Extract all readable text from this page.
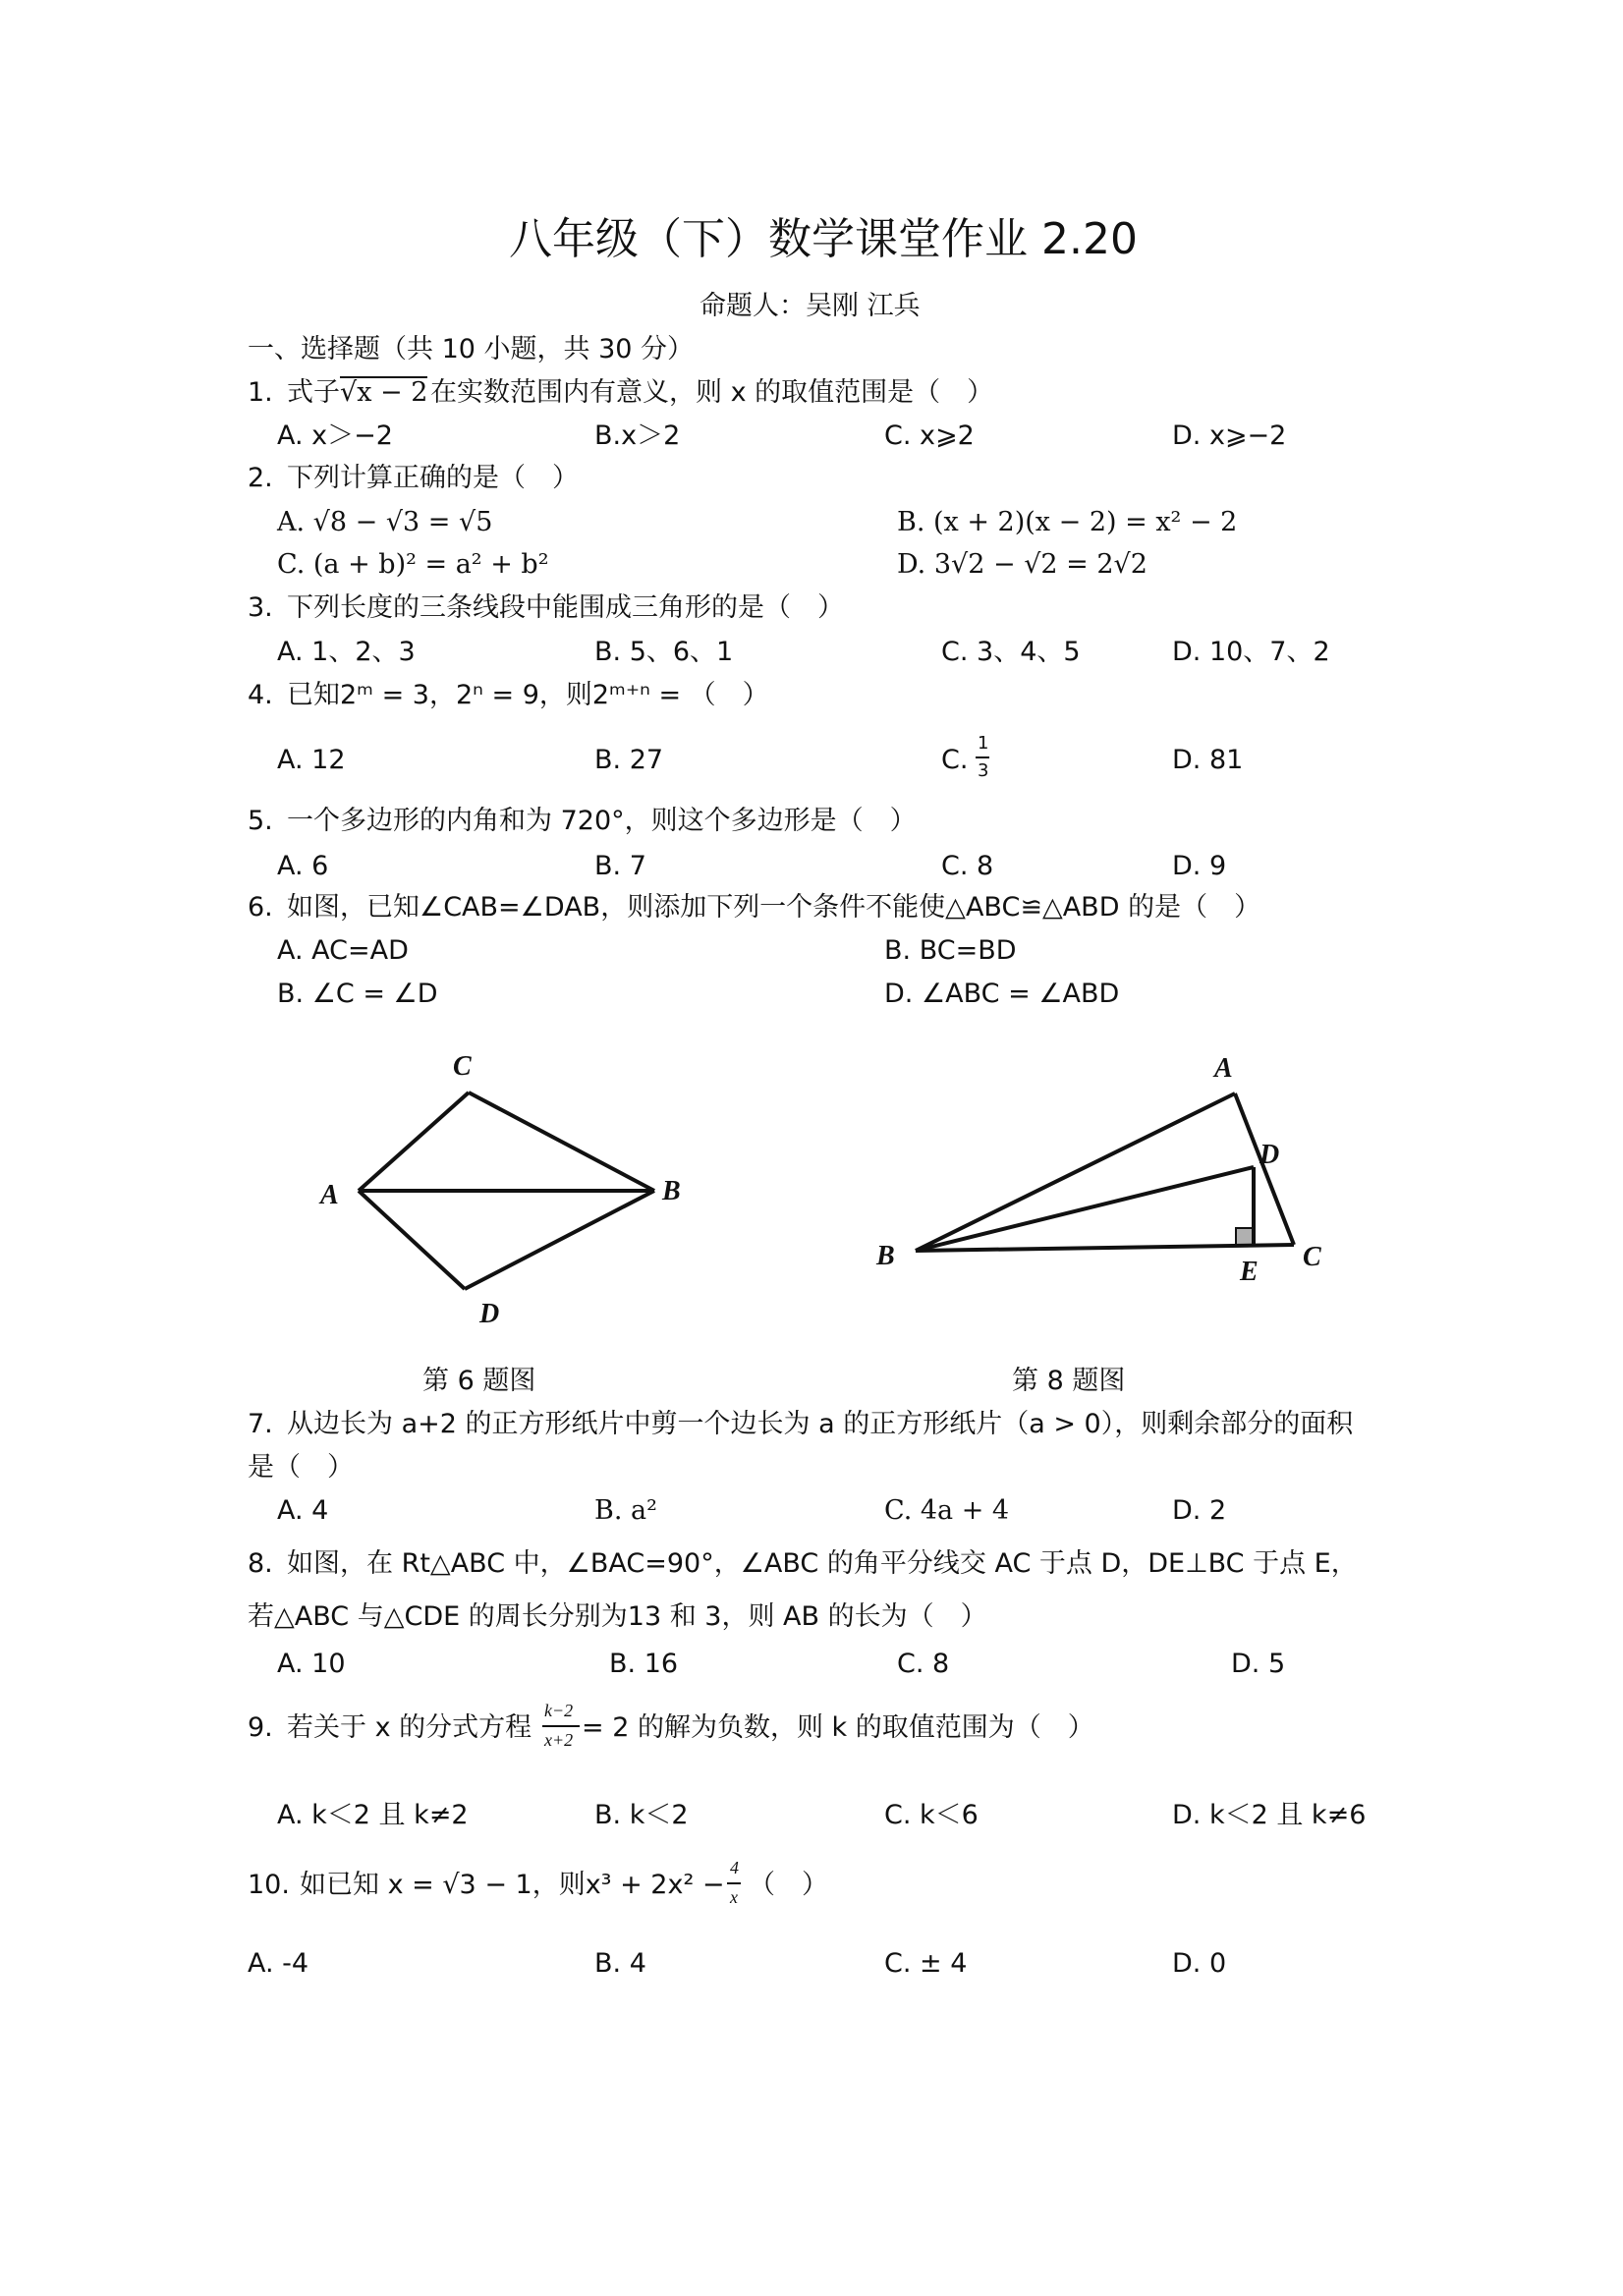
八年级（下）数学课堂作业 2.20
命题人：吴刚 江兵
一、选择题（共 10 小题，共 30 分）
1. 式子 √x − 2 在实数范围内有意义，则 x 的取值范围是（　）
A. x＞−2	B.x＞2	C. x⩾2	D. x⩾−2
2. 下列计算正确的是（　）
A. √8 − √3 = √5	B. (x + 2)(x − 2) = x² − 2
C. (a + b)² = a² + b²	D. 3√2 − √2 = 2√2
3. 下列长度的三条线段中能围成三角形的是（　）
A. 1、2、3	B. 5、6、1	C. 3、4、5	D. 10、7、2
4. 已知2ᵐ = 3，2ⁿ = 9，则2ᵐ⁺ⁿ = （　）
A. 12	B. 27	C.
1
3	D. 81
5. 一个多边形的内角和为 720°，则这个多边形是（　）
A. 6	B. 7	C. 8	D. 9
6. 如图，已知∠CAB=∠DAB，则添加下列一个条件不能使△ABC≌△ABD 的是（　）
A. AC=AD	B. BC=BD
B. ∠C = ∠D	D. ∠ABC = ∠ABD
C
A	B
D
A
D
B
E C
第 6 题图	第 8 题图
7. 从边长为 a+2 的正方形纸片中剪一个边长为 a 的正方形纸片（a > 0），则剩余部分的面积
是（　）
A. 4	B. a²	C. 4a + 4	D. 2
8. 如图，在 Rt△ABC 中，∠BAC=90°，∠ABC 的角平分线交 AC 于点 D，DE⊥BC 于点 E，
若△ABC 与△CDE 的周长分别为13 和 3，则 AB 的长为（　）
A. 10	B. 16	C. 8	D. 5
9. 若关于 x 的分式方程
k−2
x+2 = 2 的解为负数，则 k 的取值范围为（　）
A. k＜2 且 k≠2	B. k＜2	C. k＜6	D. k＜2 且 k≠6
10. 如已知 x = √3 − 1，则x³ + 2x² −
4
x （　）
A. -4	B. 4	C. ± 4	D. 0
